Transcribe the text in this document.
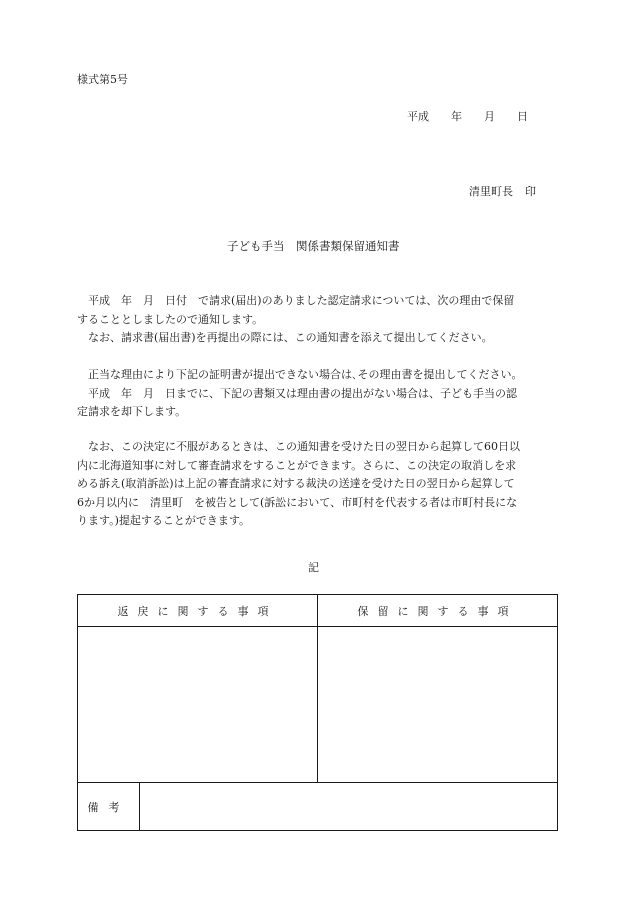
様式第5号
平成 年 月 日
清里町長 印
子ども手当　関係書類保留通知書
　平成　年　月　日付　で請求(届出)のありました認定請求については、次の理由で保留
することとしましたので通知します。
　なお、請求書(届出書)を再提出の際には、この通知書を添えて提出してください。
　正当な理由により下記の証明書が提出できない場合は､その理由書を提出してください。
　平成　年　月　日までに、下記の書類又は理由書の提出がない場合は、子ども手当の認
定請求を却下します。
　なお、この決定に不服があるときは、この通知書を受けた日の翌日から起算して60日以
内に北海道知事に対して審査請求をすることができます。さらに、この決定の取消しを求
める訴え(取消訴訟)は上記の審査請求に対する裁決の送達を受けた日の翌日から起算して
6か月以内に　清里町　を被告として(訴訟において、市町村を代表する者は市町村長にな
ります。)提起することができます。
記
返戻に関する事項		保留に関する事項

備考		
